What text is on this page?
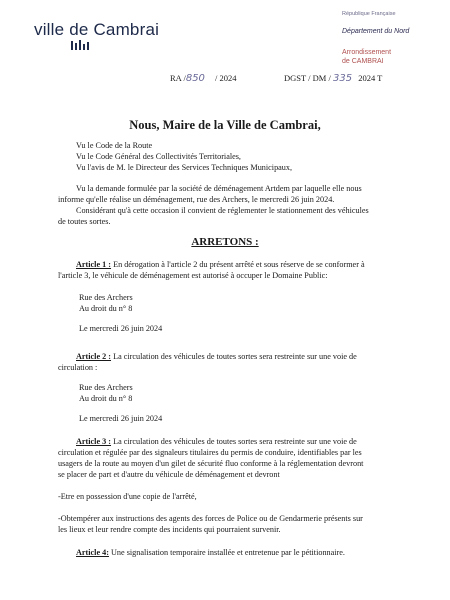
ville de Cambrai
République Française
Département du Nord
Arrondissement
de CAMBRAI
RA /850 / 2024	DGST / DM / 335 2024 T
Nous, Maire de la Ville de Cambrai,
Vu le Code de la Route
Vu le Code Général des Collectivités Territoriales,
Vu l'avis de M. le Directeur des Services Techniques Municipaux,
Vu la demande formulée par la société de déménagement Artdem par laquelle elle nous
informe qu'elle réalise un déménagement, rue des Archers, le mercredi 26 juin 2024.
Considérant qu'à cette occasion il convient de réglementer le stationnement des véhicules
de toutes sortes.
ARRETONS :
Article 1 : En dérogation à l'article 2 du présent arrêté et sous réserve de se conformer à
l'article 3, le véhicule de déménagement est autorisé à occuper le Domaine Public:
Rue des Archers
Au droit du n° 8
Le mercredi 26 juin 2024
Article 2 : La circulation des véhicules de toutes sortes sera restreinte sur une voie de
circulation :
Rue des Archers
Au droit du n° 8
Le mercredi 26 juin 2024
Article 3 : La circulation des véhicules de toutes sortes sera restreinte sur une voie de
circulation et régulée par des signaleurs titulaires du permis de conduire, identifiables par les
usagers de la route au moyen d'un gilet de sécurité fluo conforme à la réglementation devront
se placer de part et d'autre du véhicule de déménagement et devront
-Etre en possession d'une copie de l'arrêté,
-Obtempérer aux instructions des agents des forces de Police ou de Gendarmerie présents sur
les lieux et leur rendre compte des incidents qui pourraient survenir.
Article 4: Une signalisation temporaire installée et entretenue par le pétitionnaire.
